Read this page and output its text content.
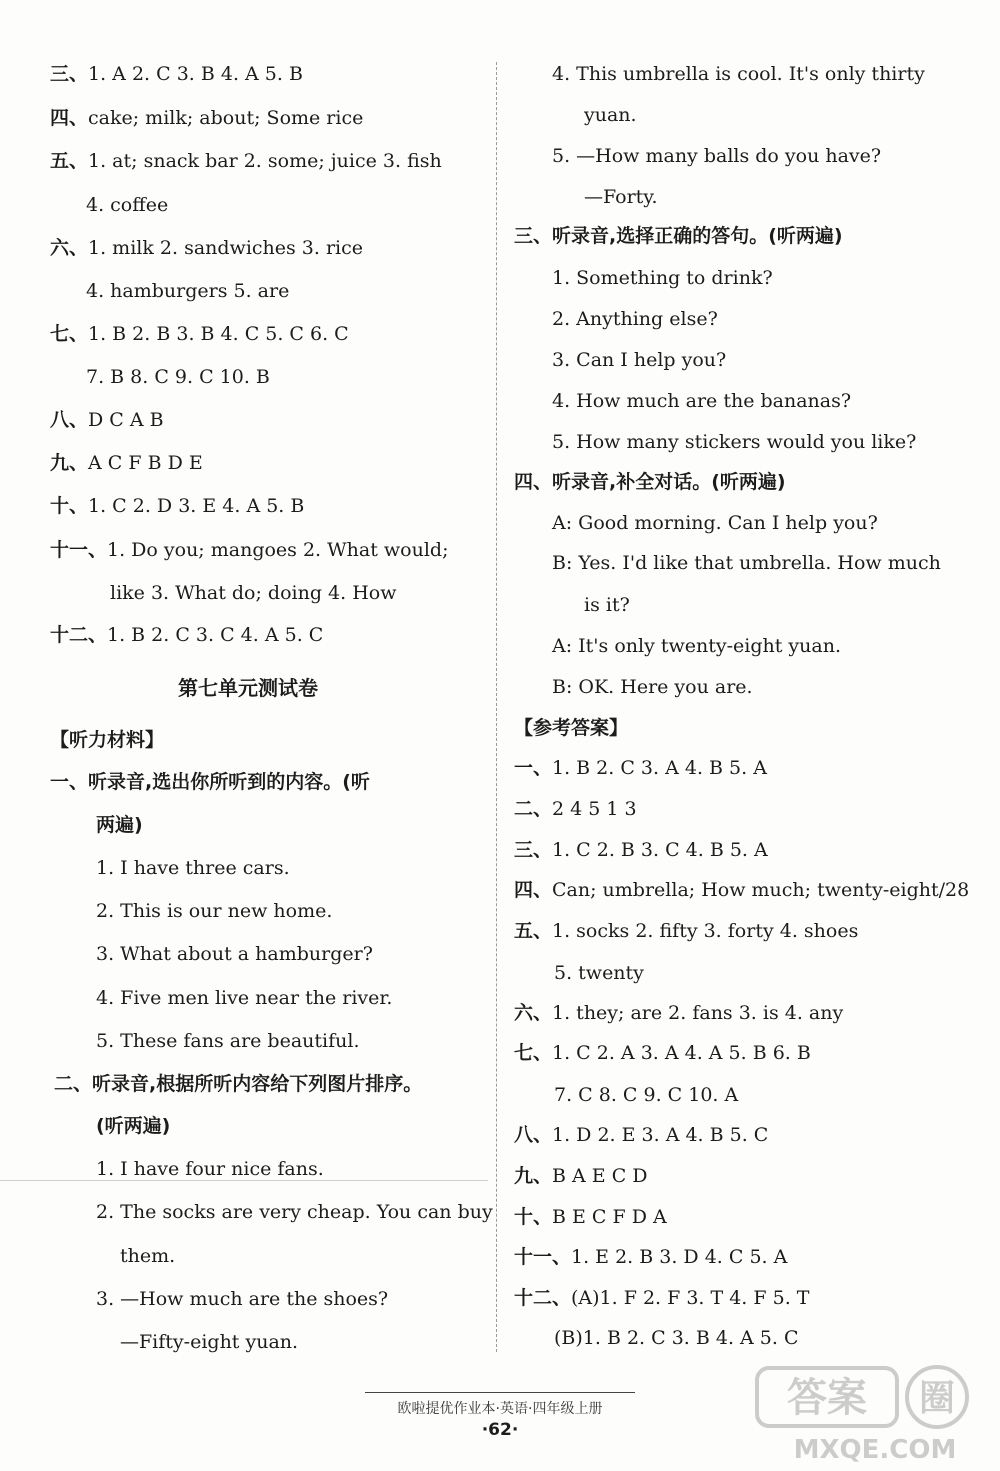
三、1. A 2. C 3. B 4. A 5. B
四、cake; milk; about; Some rice
五、1. at; snack bar 2. some; juice 3. fish
4. coffee
六、1. milk 2. sandwiches 3. rice
4. hamburgers 5. are
七、1. B 2. B 3. B 4. C 5. C 6. C
7. B 8. C 9. C 10. B
八、D C A B
九、A C F B D E
十、1. C 2. D 3. E 4. A 5. B
十一、1. Do you; mangoes 2. What would;
like 3. What do; doing 4. How
十二、1. B 2. C 3. C 4. A 5. C
第七单元测试卷
【听力材料】
一、听录音,选出你所听到的内容。(听
两遍)
1. I have three cars.
2. This is our new home.
3. What about a hamburger?
4. Five men live near the river.
5. These fans are beautiful.
二、听录音,根据所听内容给下列图片排序。
(听两遍)
1. I have four nice fans.
2. The socks are very cheap. You can buy
them.
3. —How much are the shoes?
—Fifty-eight yuan.
4. This umbrella is cool. It's only thirty
yuan.
5. —How many balls do you have?
—Forty.
三、听录音,选择正确的答句。(听两遍)
1. Something to drink?
2. Anything else?
3. Can I help you?
4. How much are the bananas?
5. How many stickers would you like?
四、听录音,补全对话。(听两遍)
A: Good morning. Can I help you?
B: Yes. I'd like that umbrella. How much
is it?
A: It's only twenty-eight yuan.
B: OK. Here you are.
【参考答案】
一、1. B 2. C 3. A 4. B 5. A
二、2 4 5 1 3
三、1. C 2. B 3. C 4. B 5. A
四、Can; umbrella; How much; twenty-eight/28
五、1. socks 2. fifty 3. forty 4. shoes
5. twenty
六、1. they; are 2. fans 3. is 4. any
七、1. C 2. A 3. A 4. A 5. B 6. B
7. C 8. C 9. C 10. A
八、1. D 2. E 3. A 4. B 5. C
九、B A E C D
十、B E C F D A
十一、1. E 2. B 3. D 4. C 5. A
十二、(A)1. F 2. F 3. T 4. F 5. T
(B)1. B 2. C 3. B 4. A 5. C
欧啦提优作业本·英语·四年级上册
·62·
答案 圈
MXQE.COM
